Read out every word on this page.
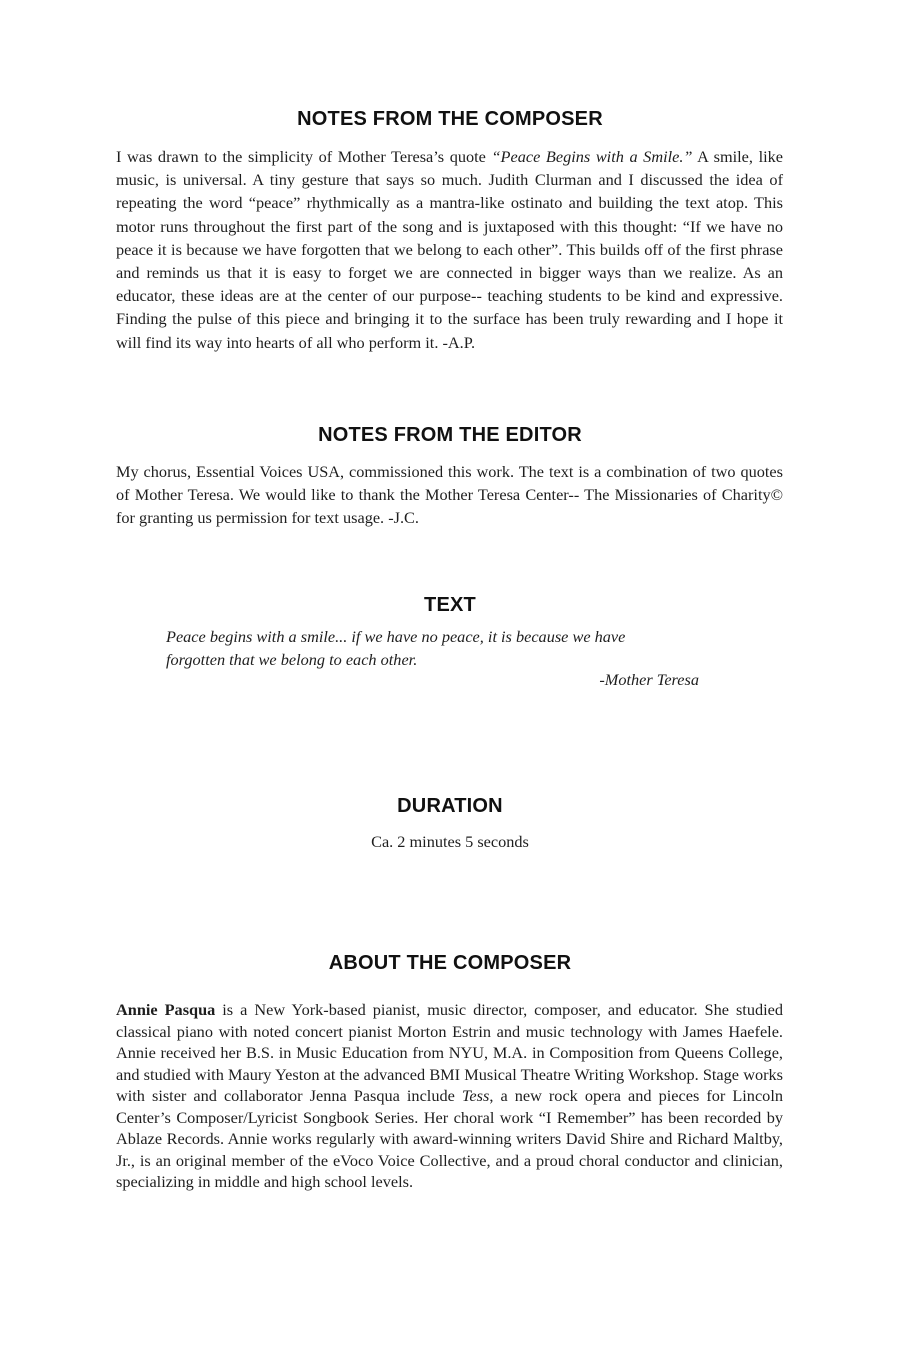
NOTES FROM THE COMPOSER

I was drawn to the simplicity of Mother Teresa’s quote “Peace Begins with a Smile.” A smile, like music, is universal. A tiny gesture that says so much. Judith Clurman and I discussed the idea of repeating the word “peace” rhythmically as a mantra-like ostinato and building the text atop. This motor runs throughout the first part of the song and is juxtaposed with this thought: “If we have no peace it is because we have forgotten that we belong to each other”. This builds off of the first phrase and reminds us that it is easy to forget we are connected in bigger ways than we realize. As an educator, these ideas are at the center of our purpose-- teaching students to be kind and expressive. Finding the pulse of this piece and bringing it to the surface has been truly rewarding and I hope it will find its way into hearts of all who perform it. -A.P.

NOTES FROM THE EDITOR

My chorus, Essential Voices USA, commissioned this work. The text is a combination of two quotes of Mother Teresa. We would like to thank the Mother Teresa Center-- The Missionaries of Charity© for granting us permission for text usage. -J.C.

TEXT

Peace begins with a smile... if we have no peace, it is because we have
forgotten that we belong to each other.

-Mother Teresa

DURATION

Ca. 2 minutes 5 seconds

ABOUT THE COMPOSER

Annie Pasqua is a New York-based pianist, music director, composer, and educator. She studied classical piano with noted concert pianist Morton Estrin and music technology with James Haefele. Annie received her B.S. in Music Education from NYU, M.A. in Composition from Queens College, and studied with Maury Yeston at the advanced BMI Musical Theatre Writing Workshop. Stage works with sister and collaborator Jenna Pasqua include Tess, a new rock opera and pieces for Lincoln Center’s Composer/Lyricist Songbook Series. Her choral work “I Remember” has been recorded by Ablaze Records. Annie works regularly with award-winning writers David Shire and Richard Maltby, Jr., is an original member of the eVoco Voice Collective, and a proud choral conductor and clinician, specializing in middle and high school levels.
